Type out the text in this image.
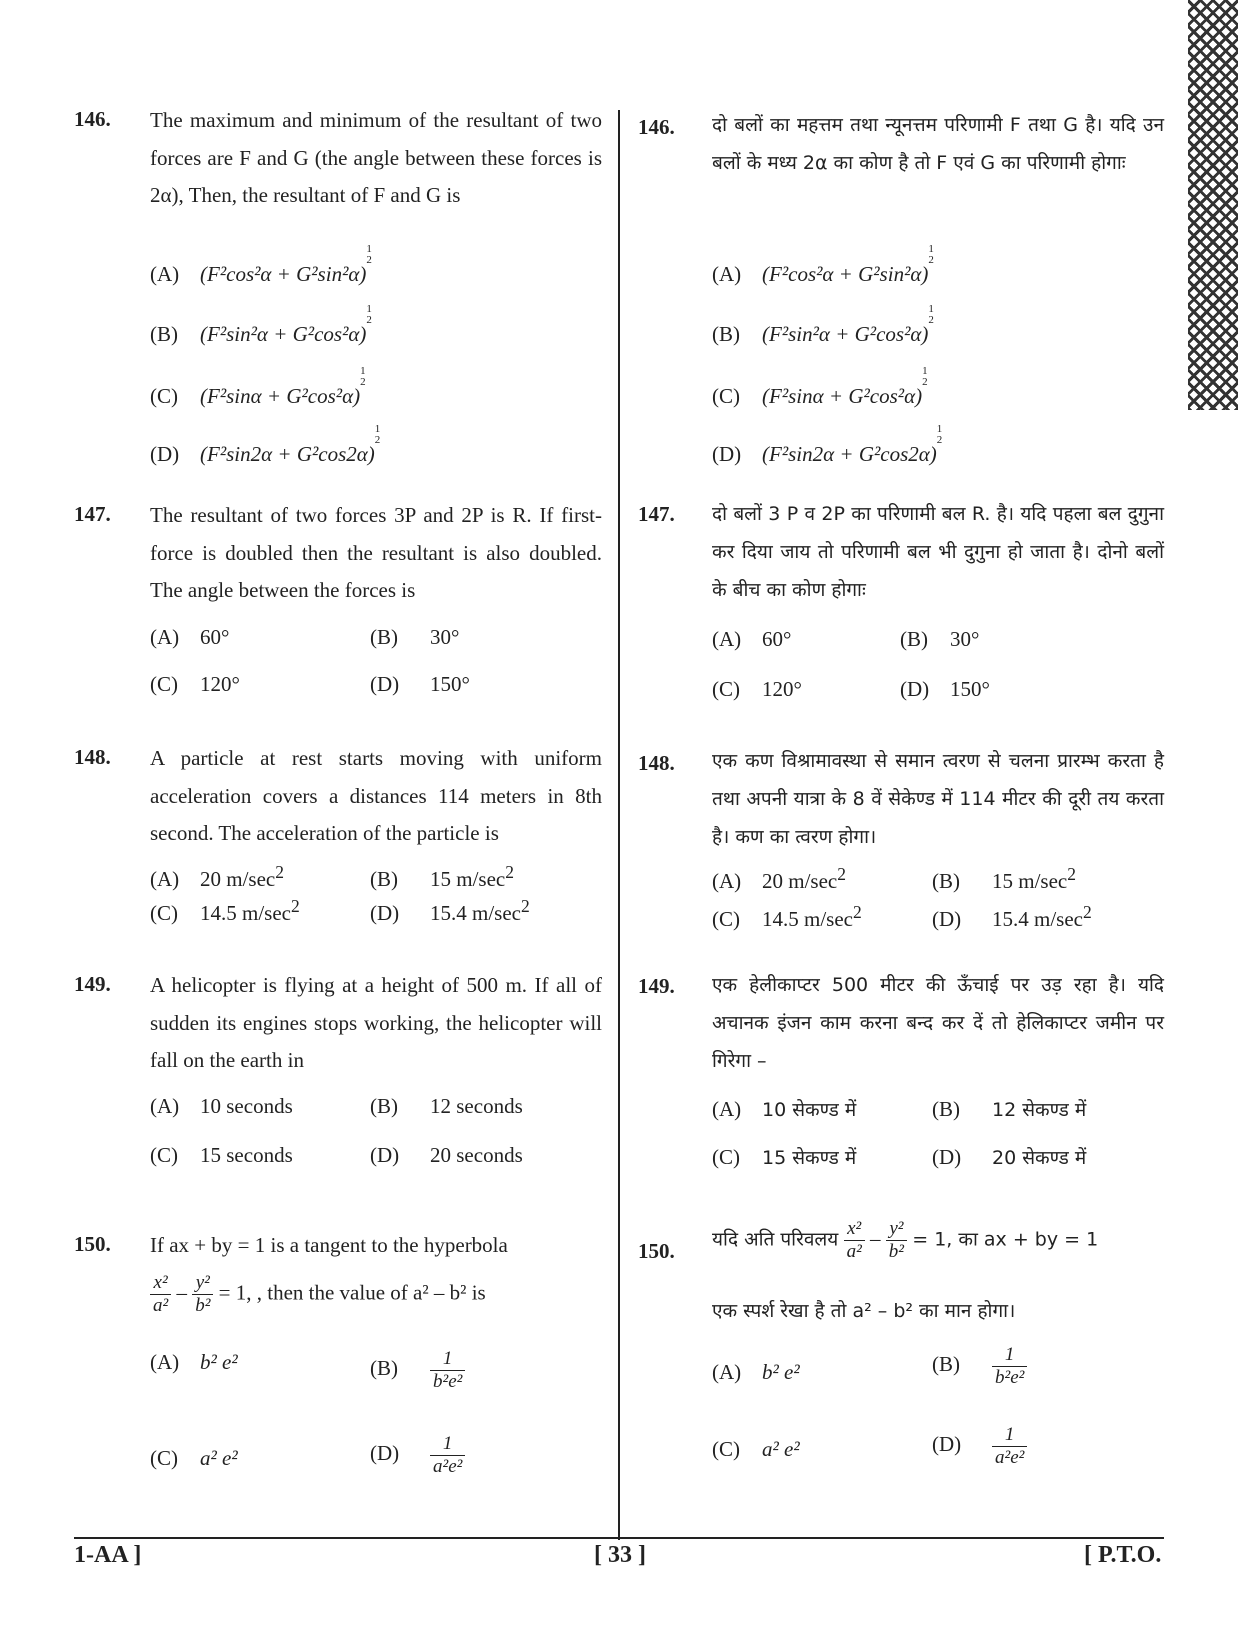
146. The maximum and minimum of the resultant of two forces are F and G (the angle between these forces is 2α), Then, the resultant of F and G is
(A) (F²cos²α + G²sin²α)
$^{1 2}$
(B) (F²sin²α + G²cos²α)
$^{1 2}$
(C) (F²sinα + G²cos²α)
$^{1 2}$
(D) (F²sin2α + G²cos2α)
$^{1 2}$
147. The resultant of two forces 3P and 2P is R. If first- force is doubled then the resultant is also doubled. The angle between the forces is
(A) 60°	(B) 30°
(C) 120°	(D) 150°
148. A particle at rest starts moving with uniform acceleration covers a distances 114 meters in 8th second. The acceleration of the particle is
(A) 20 $m/\sec^2$	(B) 15 $m/\sec^2$
(C) 14.5 $m/\sec^2$	(D) 15.4 $m/\sec^2$
149. A helicopter is flying at a height of 500 m. If all of sudden its engines stops working, the helicopter will fall on the earth in
(A) 10 seconds	(B) 12 seconds
(C) 15 seconds	(D) 20 seconds
150. If ax + by = 1 is a tangent to the hyperbola
$\frac{\text{x²}}{\text{a²}} - \frac{\text{y²}}{\text{b²}} = 1$, , then the value of a² – b² is
(A) b² e²	$(B) \frac{1}{\text{b²e²}}$
(C) a² e²	$(D) \frac{1}{\text{a²e²}}$
146. दो बलों का महत्तम तथा न्यूनत्तम परिणामी F तथा G है। यदि उन बलों के मध्य 2α का कोण है तो F एवं G का परिणामी होगाः
(A) (F²cos²α + G²sin²α)
$^{1 2}$
(B) (F²sin²α + G²cos²α)
$^{1 2}$
(C) (F²sinα + G²cos²α)
$^{1 2}$
(D) (F²sin2α + G²cos2α)
$^{1 2}$
147. दो बलों 3 P व 2P का परिणामी बल R. है। यदि पहला बल दुगुना कर दिया जाय तो परिणामी बल भी दुगुना हो जाता है। दोनो बलों के बीच का कोण होगाः
(A) 60°	(B) 30°
(C) 120°	(D) 150°
148. एक कण विश्रामावस्था से समान त्वरण से चलना प्रारम्भ करता है तथा अपनी यात्रा के 8 वें सेकेण्ड में 114 मीटर की दूरी तय करता है। कण का त्वरण होगा।
(A) 20 $m/\sec^2$	(B) 15 $m/\sec^2$
(C) 14.5 $m/\sec^2$	(D) 15.4 $m/\sec^2$
149. एक हेलीकाप्टर 500 मीटर की ऊँचाई पर उड़ रहा है। यदि अचानक इंजन काम करना बन्द कर दें तो हेलिकाप्टर जमीन पर गिरेगा –
(A) 10 सेकण्ड में	(B) 12 सेकण्ड में
(C) 15 सेकण्ड में	(D) 20 सेकण्ड में
150. यदि अति परिवलय $\frac{\text{x²}}{\text{a²}} - \frac{\text{y²}}{\text{b²}} = 1$, का ax + by = 1
एक स्पर्श रेखा है तो a² – b² का मान होगा।
(A) b² e²	$(B) \frac{1}{\text{b²e²}}$
(C) a² e²	$(D) \frac{1}{\text{a²e²}}$
1-AA ]	[ 33 ]	[ P.T.O.
